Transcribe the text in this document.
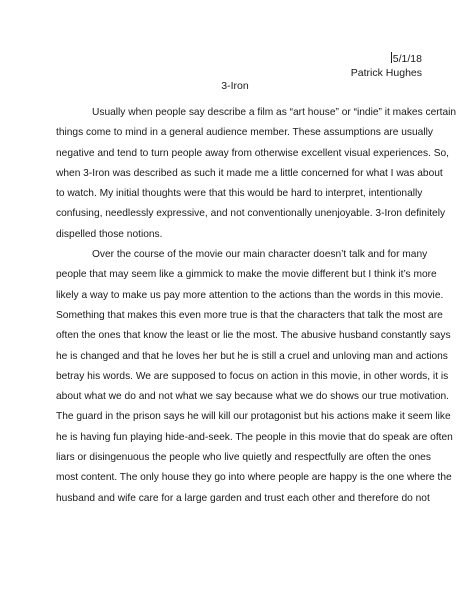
5/1/18
Patrick Hughes
3-Iron
Usually when people say describe a film as “art house” or “indie” it makes certain
things come to mind in a general audience member. These assumptions are usually
negative and tend to turn people away from otherwise excellent visual experiences. So,
when 3-Iron was described as such it made me a little concerned for what I was about
to watch. My initial thoughts were that this would be hard to interpret, intentionally
confusing, needlessly expressive, and not conventionally unenjoyable. 3-Iron definitely
dispelled those notions.
Over the course of the movie our main character doesn’t talk and for many
people that may seem like a gimmick to make the movie different but I think it’s more
likely a way to make us pay more attention to the actions than the words in this movie.
Something that makes this even more true is that the characters that talk the most are
often the ones that know the least or lie the most. The abusive husband constantly says
he is changed and that he loves her but he is still a cruel and unloving man and actions
betray his words. We are supposed to focus on action in this movie, in other words, it is
about what we do and not what we say because what we do shows our true motivation.
The guard in the prison says he will kill our protagonist but his actions make it seem like
he is having fun playing hide-and-seek. The people in this movie that do speak are often
liars or disingenuous the people who live quietly and respectfully are often the ones
most content. The only house they go into where people are happy is the one where the
husband and wife care for a large garden and trust each other and therefore do not
